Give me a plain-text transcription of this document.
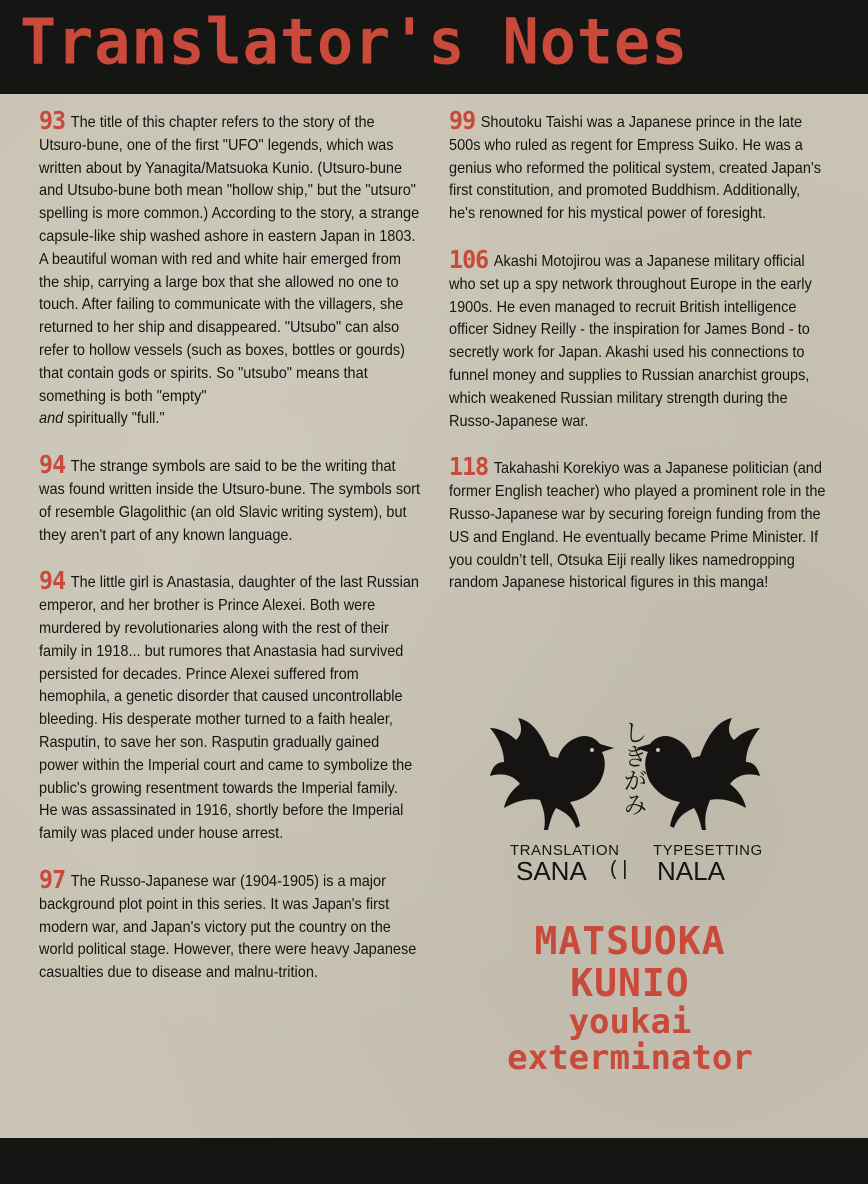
Translator's Notes

93 The title of this chapter refers to the story of the Utsuro-bune, one of the first "UFO" legends, which was written about by Yanagita/Matsuoka Kunio. (Utsuro-bune and Utsubo-bune both mean "hollow ship," but the "utsuro" spelling is more common.) According to the story, a strange capsule-like ship washed ashore in eastern Japan in 1803. A beautiful woman with red and white hair emerged from the ship, carrying a large box that she allowed no one to touch. After failing to communicate with the villagers, she returned to her ship and disappeared. "Utsubo" can also refer to hollow vessels (such as boxes, bottles or gourds) that contain gods or spirits. So "utsubo" means that something is both "empty"
and spiritually "full."

94 The strange symbols are said to be the writing that was found written inside the Utsuro-bune. The symbols sort of resemble Glagolithic (an old Slavic writing system), but they aren't part of any known language.

94 The little girl is Anastasia, daughter of the last Russian emperor, and her brother is Prince Alexei. Both were murdered by revolutionaries along with the rest of their family in 1918... but rumores that Anastasia had survived persisted for decades. Prince Alexei suffered from hemophila, a genetic disorder that caused uncontrollable bleeding. His desperate mother turned to a faith healer, Rasputin, to save her son. Rasputin gradually gained power within the Imperial court and came to symbolize the public's growing resentment towards the Imperial family. He was assassinated in 1916, shortly before the Imperial family was placed under house arrest.

97 The Russo-Japanese war (1904-1905) is a major background plot point in this series. It was Japan's first modern war, and Japan's victory put the country on the world political stage. However, there were heavy Japanese casualties due to disease and malnu-trition.

99 Shoutoku Taishi was a Japanese prince in the late 500s who ruled as regent for Empress Suiko. He was a genius who reformed the political system, created Japan's first constitution, and promoted Buddhism. Additionally, he's renowned for his mystical power of foresight.

106 Akashi Motojirou was a Japanese military official who set up a spy network throughout Europe in the early 1900s. He even managed to recruit British intelligence officer Sidney Reilly - the inspiration for James Bond - to secretly work for Japan. Akashi used his connections to funnel money and supplies to Russian anarchist groups, which weakened Russian military strength during the Russo-Japanese war.

118 Takahashi Korekiyo was a Japanese politician (and former English teacher) who played a prominent role in the Russo-Japanese war by securing foreign funding from the US and England. He eventually became Prime Minister. If you couldn’t tell, Otsuka Eiji really likes namedropping random Japanese historical figures in this manga!

しきがみ
TRANSLATION
SANA ( |
TYPESETTING
NALA
MATSUOKA KUNIO
youkai
exterminator
